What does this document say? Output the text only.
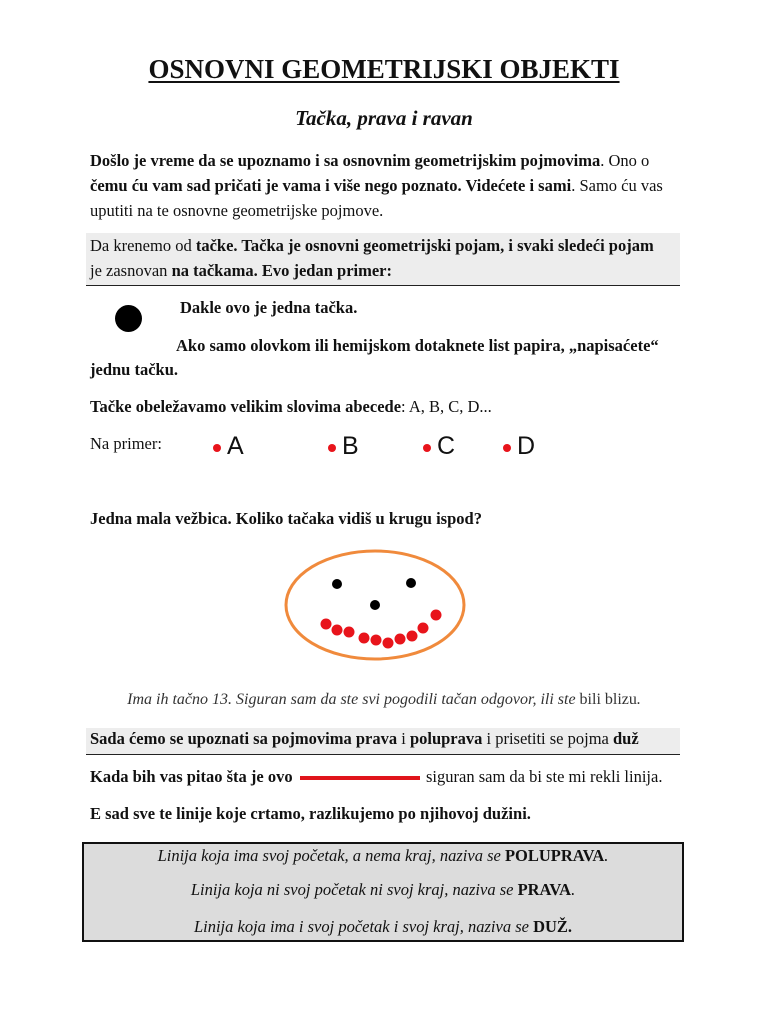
OSNOVNI GEOMETRIJSKI OBJEKTI
Tačka, prava i ravan
Došlo je vreme da se upoznamo i sa osnovnim geometrijskim pojmovima. Ono o
čemu ću vam sad pričati je vama i više nego poznato. Videćete i sami. Samo ću vas
uputiti na te osnovne geometrijske pojmove.
Da krenemo od tačke. Tačka je osnovni geometrijski pojam, i svaki sledeći pojam
je zasnovan na tačkama. Evo jedan primer:
Dakle ovo je jedna tačka.
Ako samo olovkom ili hemijskom dotaknete list papira, „napisaćete“
jednu tačku.
Tačke obeležavamo velikim slovima abecede: A, B, C, D...
Na primer:	A	B	C D
Jedna mala vežbica. Koliko tačaka vidiš u krugu ispod?
Ima ih tačno 13. Siguran sam da ste svi pogodili tačan odgovor, ili ste bili blizu.
Sada ćemo se upoznati sa pojmovima prava i poluprava i prisetiti se pojma duž
Kada bih vas pitao šta je ovo	siguran sam da bi ste mi rekli linija.
E sad sve te linije koje crtamo, razlikujemo po njihovoj dužini.
Linija koja ima svoj početak, a nema kraj, naziva se POLUPRAVA.
Linija koja ni svoj početak ni svoj kraj, naziva se PRAVA.
Linija koja ima i svoj početak i svoj kraj, naziva se DUŽ.
